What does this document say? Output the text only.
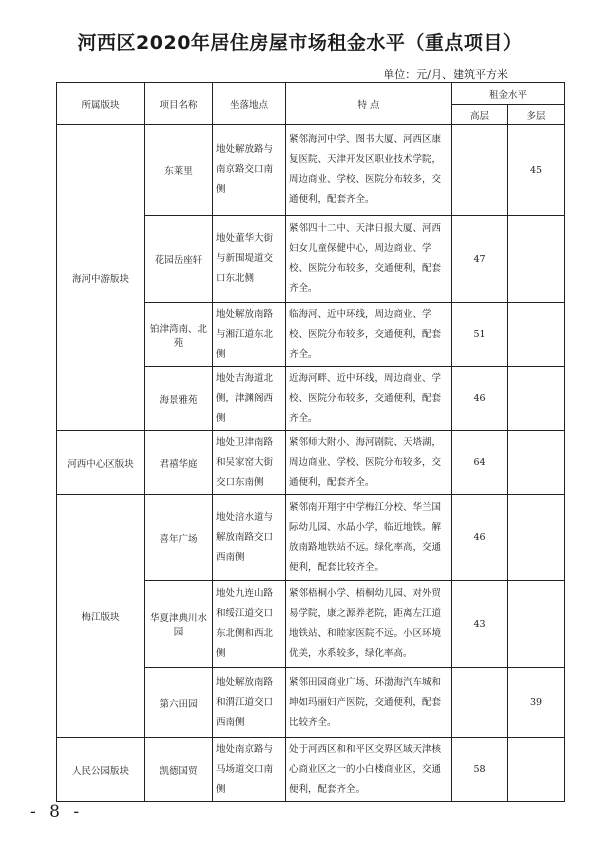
河西区2020年居住房屋市场租金水平（重点项目）
单位：元/月、建筑平方米
所属版块	项目名称	坐落地点	特 点	租金水平	
				高层	多层
海河中游版块	东莱里	地处解放路与南京路交口南侧	紧邻海河中学、图书大厦、河西区康复医院、天津开发区职业技术学院，周边商业、学校、医院分布较多，交通便利，配套齐全。		45
	花园岳座轩	地处董华大街与新围堤道交口东北侧	紧邻四十二中、天津日报大厦、河西妇女儿童保健中心，周边商业、学校、医院分布较多，交通便利，配套齐全。	47	
	铂津湾南、北苑	地处解放南路与湘江道东北侧	临海河、近中环线，周边商业、学校、医院分布较多，交通便利，配套齐全。	51	
	海景雅苑	地处吉海道北侧，津渊阁西侧	近海河畔、近中环线，周边商业、学校、医院分布较多，交通便利，配套齐全。	46	
河西中心区版块	君禧华庭	地处卫津南路和吴家窑大街交口东南侧	紧邻师大附小、海河剧院、天塔湖，周边商业、学校、医院分布较多，交通便利，配套齐全。	64	
梅江版块	喜年广场	地处涪水道与解放南路交口西南侧	紧邻南开翔宇中学梅江分校、华兰国际幼儿园、水晶小学，临近地铁。解放南路地铁站不远。绿化率高，交通便利，配套比较齐全。	46	
	华夏津典川水园	地处九连山路和绥江道交口东北侧和西北侧	紧邻梧桐小学、梧桐幼儿园、对外贸易学院，康之源养老院，距离左江道地铁站、和睦家医院不远。小区环境优美，水系较多，绿化率高。	43	
	第六田园	地处解放南路和渭江道交口西南侧	紧邻田园商业广场、环渤海汽车城和坤如玛丽妇产医院，交通便利，配套比较齐全。		39
人民公园版块	凯德国贸	地处南京路与马场道交口南侧	处于河西区和和平区交界区域天津核心商业区之一的小白楼商业区，交通便利，配套齐全。	58	
- 8 -
